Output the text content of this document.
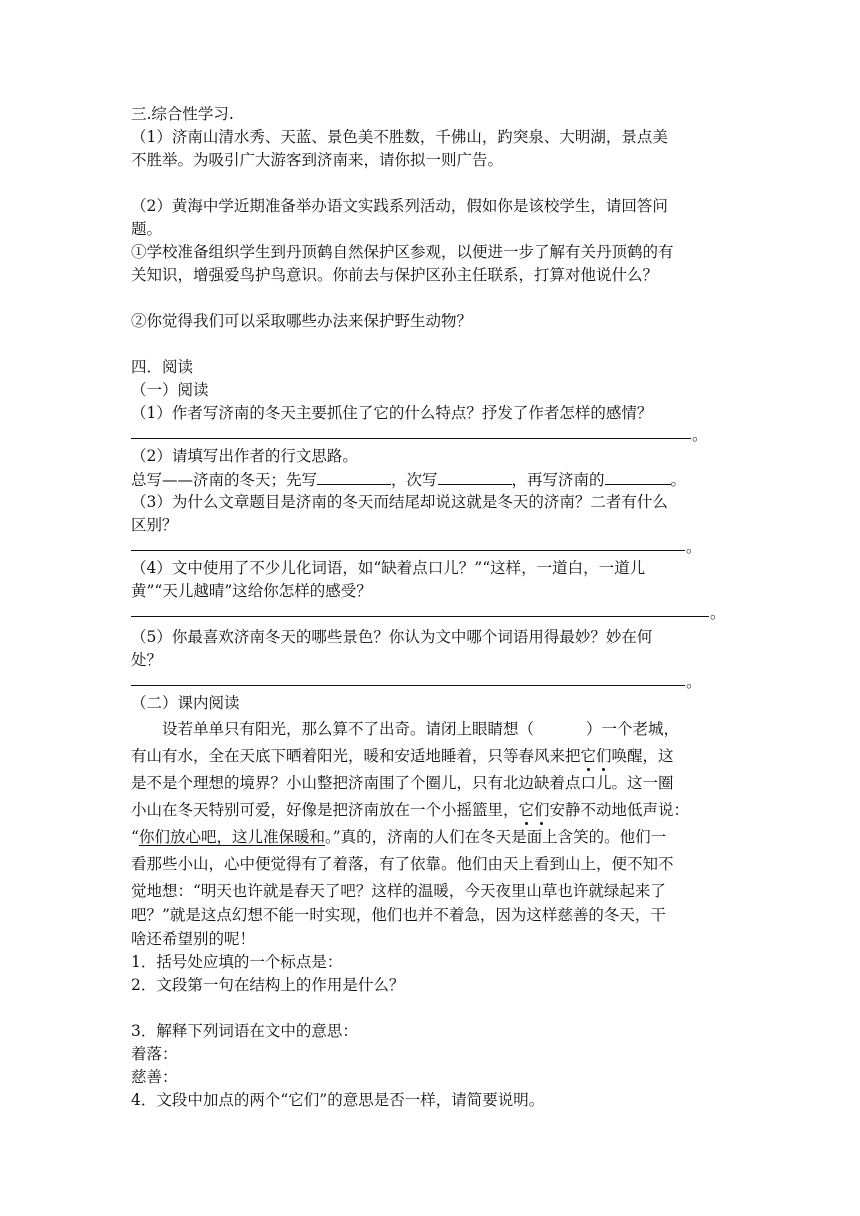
三.综合性学习.
（1）济南山清水秀、天蓝、景色美不胜数，千佛山，趵突泉、大明湖，景点美
不胜举。为吸引广大游客到济南来，请你拟一则广告。
（2）黄海中学近期准备举办语文实践系列活动，假如你是该校学生，请回答问
题。
①学校准备组织学生到丹顶鹤自然保护区参观，以便进一步了解有关丹顶鹤的有
关知识，增强爱鸟护鸟意识。你前去与保护区孙主任联系，打算对他说什么？
②你觉得我们可以采取哪些办法来保护野生动物？
四．阅读
（一）阅读
（1）作者写济南的冬天主要抓住了它的什么特点？抒发了作者怎样的感情？
。
（2）请填写出作者的行文思路。
总写——济南的冬天；先写	，次写	，再写济南的	。
（3）为什么文章题目是济南的冬天而结尾却说这就是冬天的济南？二者有什么
区别？
。
（4）文中使用了不少儿化词语，如“缺着点口儿？”“这样，一道白，一道儿
黄”“天儿越晴”这给你怎样的感受？
。
（5）你最喜欢济南冬天的哪些景色？你认为文中哪个词语用得最妙？妙在何
处？
。
（二）课内阅读
设若单单只有阳光，那么算不了出奇。请闭上眼睛想（	）一个老城，
有山有水，全在天底下晒着阳光，暖和安适地睡着，只等春风来把它们唤醒，这
是不是个理想的境界？小山整把济南围了个圈儿，只有北边缺着点口儿。这一圈
小山在冬天特别可爱，好像是把济南放在一个小摇篮里，它们安静不动地低声说：
“你们放心吧，这儿准保暖和。”真的，济南的人们在冬天是面上含笑的。他们一
看那些小山，心中便觉得有了着落，有了依靠。他们由天上看到山上，便不知不
觉地想：“明天也许就是春天了吧？这样的温暖，今天夜里山草也许就绿起来了
吧？”就是这点幻想不能一时实现，他们也并不着急，因为这样慈善的冬天，干
啥还希望别的呢！
1．括号处应填的一个标点是：
2．文段第一句在结构上的作用是什么？
3．解释下列词语在文中的意思：
着落：
慈善：
4．文段中加点的两个“它们”的意思是否一样，请简要说明。
